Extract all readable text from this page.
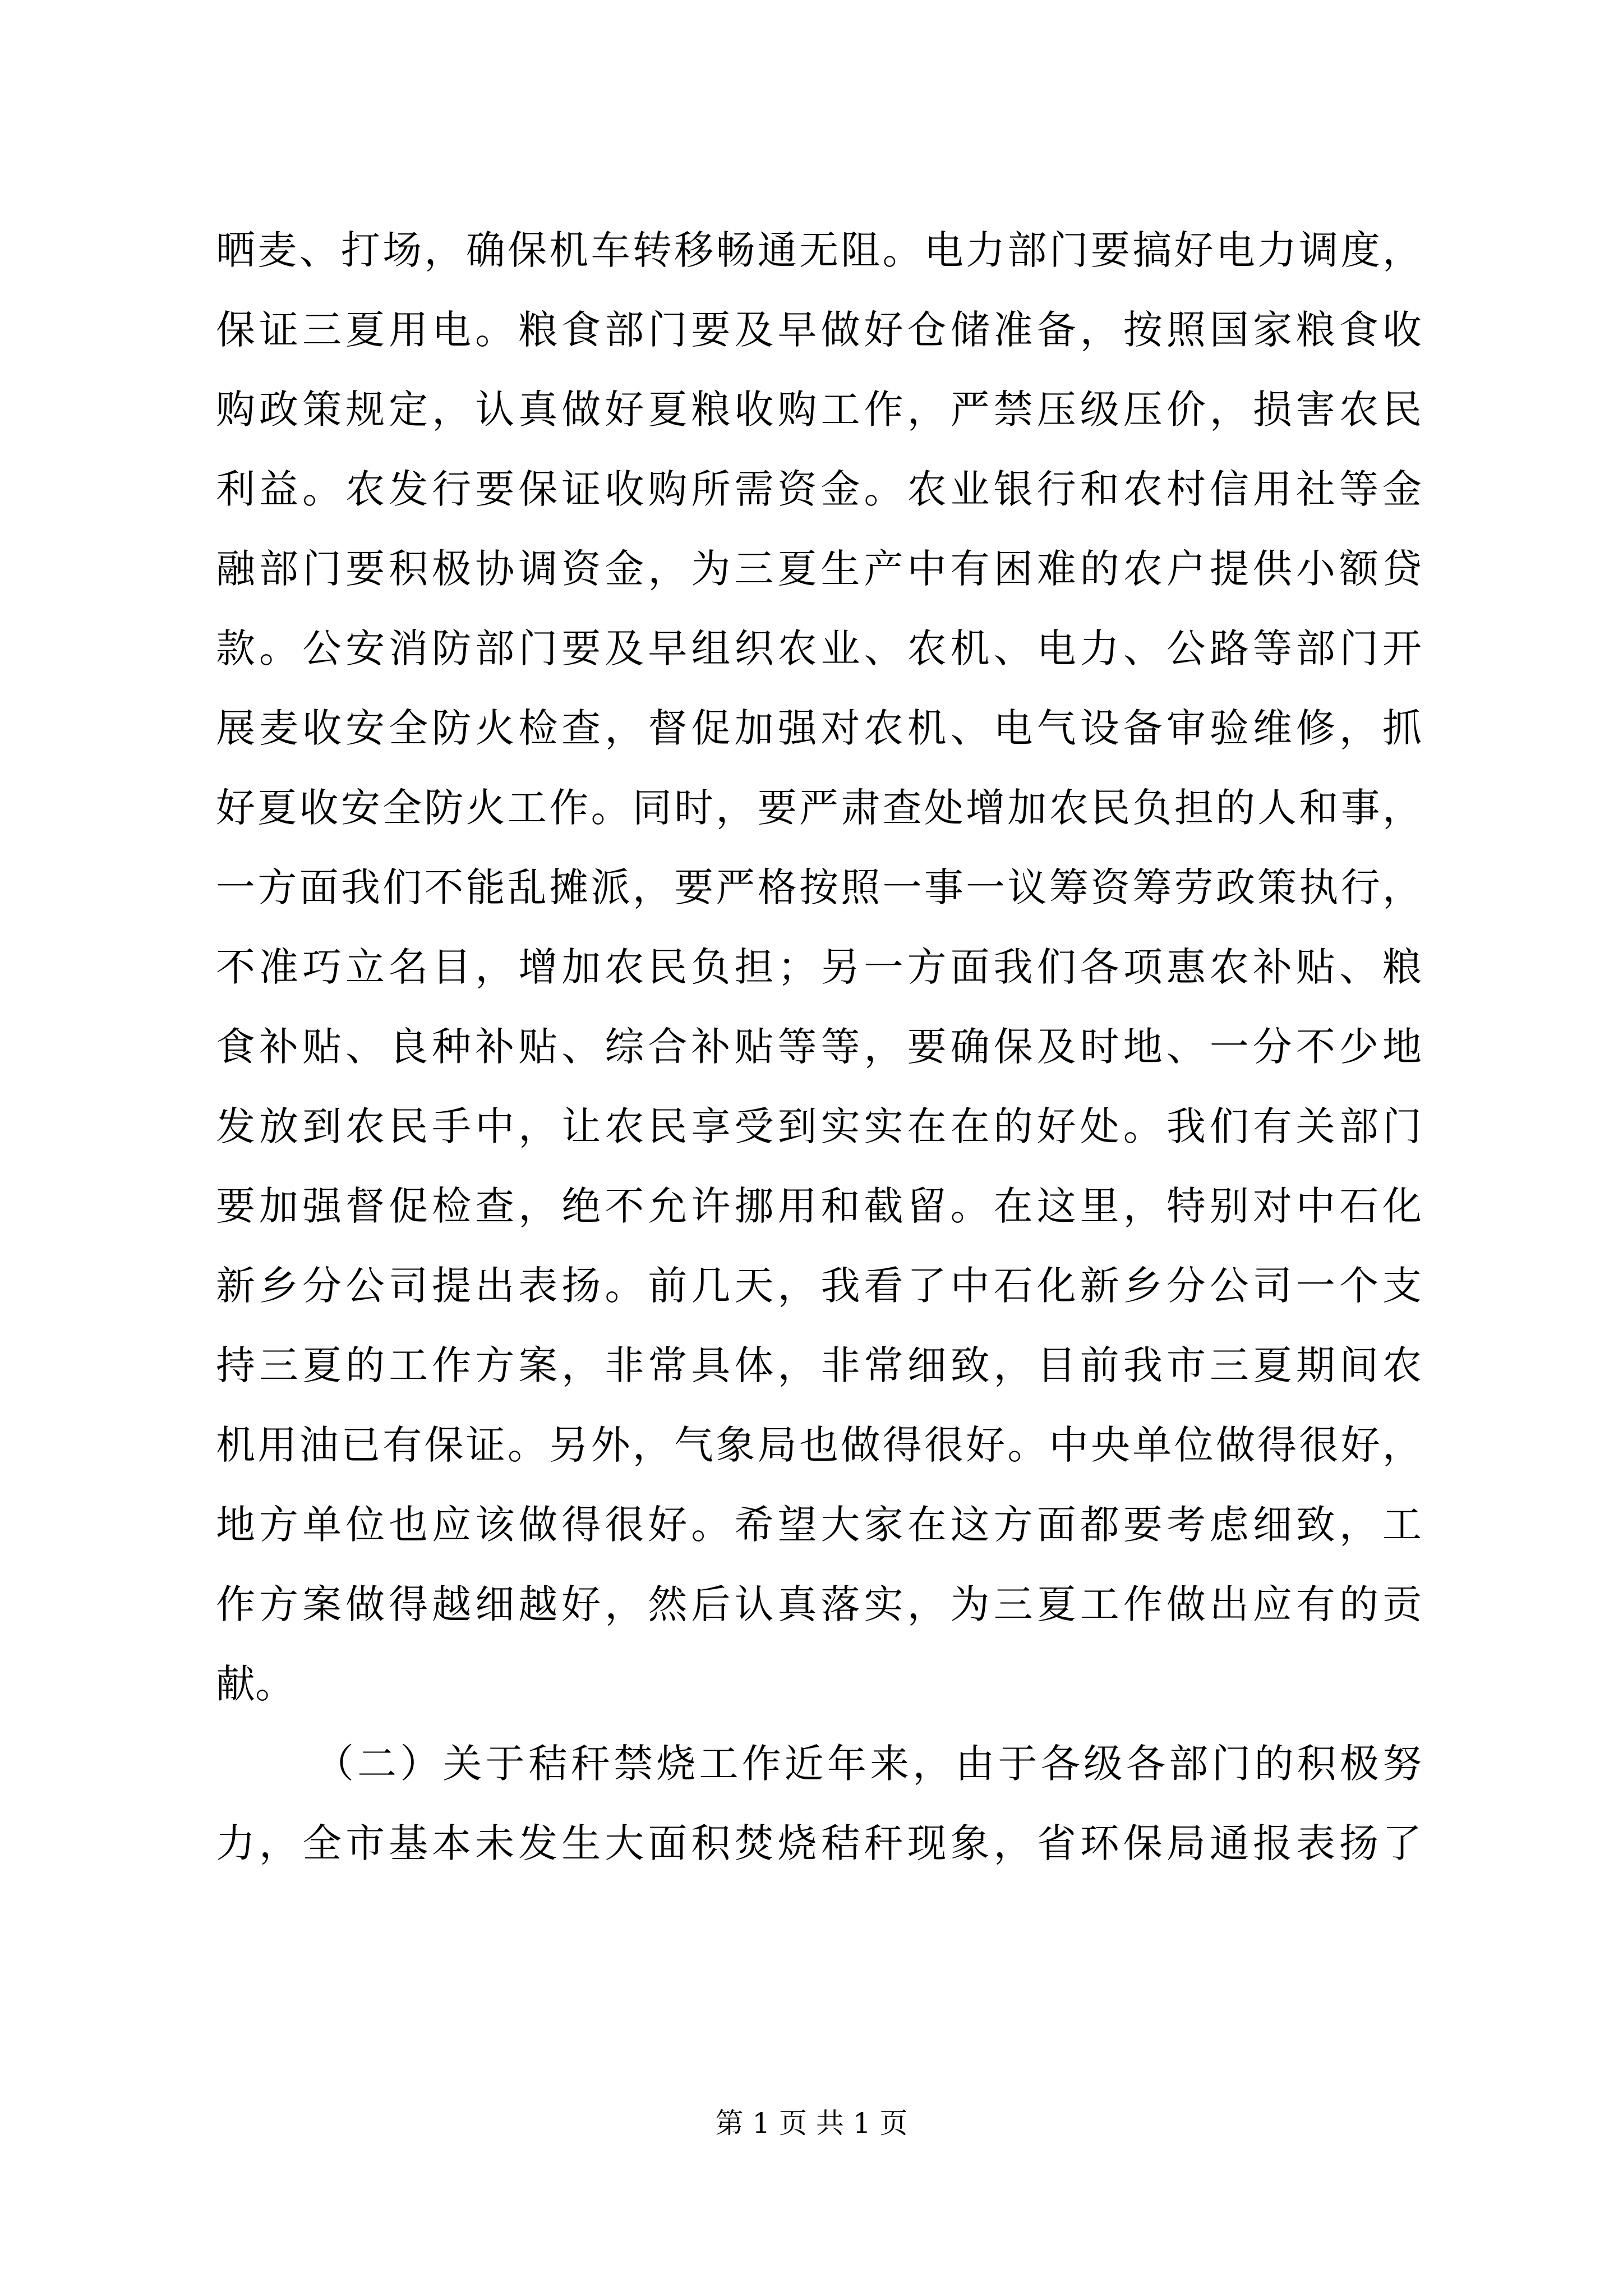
晒麦、打场，确保机车转移畅通无阻。电力部门要搞好电力调度，
保证三夏用电。粮食部门要及早做好仓储准备，按照国家粮食收
购政策规定，认真做好夏粮收购工作，严禁压级压价，损害农民
利益。农发行要保证收购所需资金。农业银行和农村信用社等金
融部门要积极协调资金，为三夏生产中有困难的农户提供小额贷
款。公安消防部门要及早组织农业、农机、电力、公路等部门开
展麦收安全防火检查，督促加强对农机、电气设备审验维修，抓
好夏收安全防火工作。同时，要严肃查处增加农民负担的人和事，
一方面我们不能乱摊派，要严格按照一事一议筹资筹劳政策执行，
不准巧立名目，增加农民负担；另一方面我们各项惠农补贴、粮
食补贴、良种补贴、综合补贴等等，要确保及时地、一分不少地
发放到农民手中，让农民享受到实实在在的好处。我们有关部门
要加强督促检查，绝不允许挪用和截留。在这里，特别对中石化
新乡分公司提出表扬。前几天，我看了中石化新乡分公司一个支
持三夏的工作方案，非常具体，非常细致，目前我市三夏期间农
机用油已有保证。另外，气象局也做得很好。中央单位做得很好，
地方单位也应该做得很好。希望大家在这方面都要考虑细致，工
作方案做得越细越好，然后认真落实，为三夏工作做出应有的贡
献。
（二）关于秸秆禁烧工作近年来，由于各级各部门的积极努
力，全市基本未发生大面积焚烧秸秆现象，省环保局通报表扬了
第 1 页 共 1 页
